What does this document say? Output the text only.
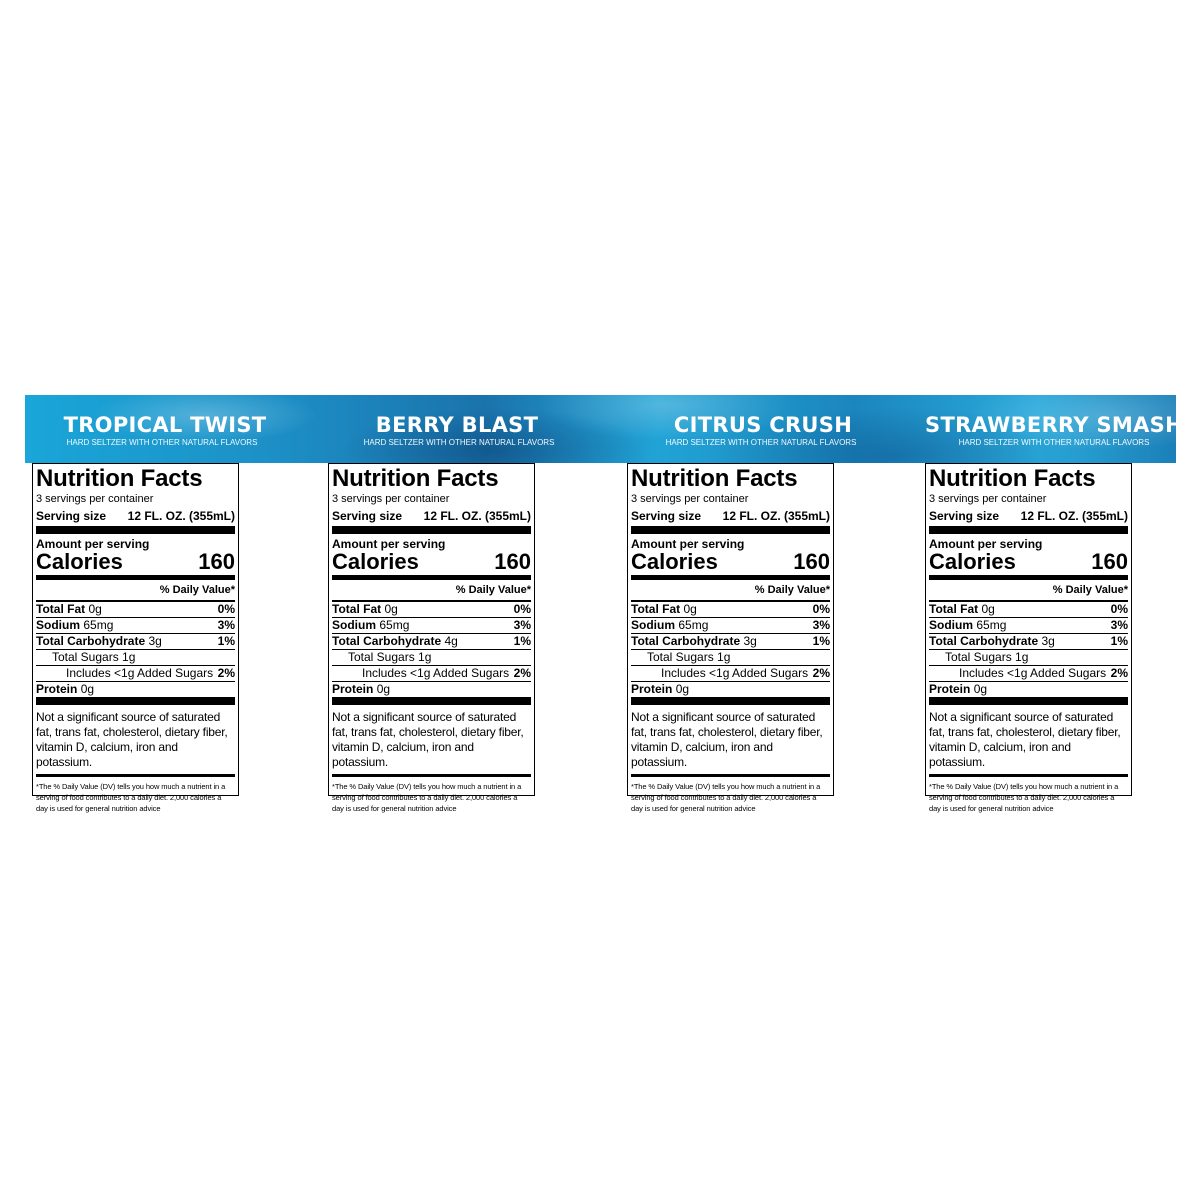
TROPICAL TWIST
HARD SELTZER WITH OTHER NATURAL FLAVORS
BERRY BLAST
HARD SELTZER WITH OTHER NATURAL FLAVORS
CITRUS CRUSH
HARD SELTZER WITH OTHER NATURAL FLAVORS
STRAWBERRY SMASH
HARD SELTZER WITH OTHER NATURAL FLAVORS
Nutrition Facts
3 servings per container
Serving size 12 FL. OZ. (355mL)
Amount per serving
Calories	160
% Daily Value*
Total Fat 0g	0%
Sodium 65mg	3%
Total Carbohydrate 3g	1%
Total Sugars 1g
Includes <1g Added Sugars 2%
Protein 0g
Not a significant source of saturated fat, trans fat, cholesterol, dietary fiber, vitamin D, calcium, iron and potassium.
*The % Daily Value (DV) tells you how much a nutrient in a serving of food contributes to a daily diet. 2,000 calories a day is used for general nutrition advice
Nutrition Facts
3 servings per container
Serving size 12 FL. OZ. (355mL)
Amount per serving
Calories	160
% Daily Value*
Total Fat 0g	0%
Sodium 65mg	3%
Total Carbohydrate 4g	1%
Total Sugars 1g
Includes <1g Added Sugars 2%
Protein 0g
Not a significant source of saturated fat, trans fat, cholesterol, dietary fiber, vitamin D, calcium, iron and potassium.
*The % Daily Value (DV) tells you how much a nutrient in a serving of food contributes to a daily diet. 2,000 calories a day is used for general nutrition advice
Nutrition Facts
3 servings per container
Serving size 12 FL. OZ. (355mL)
Amount per serving
Calories	160
% Daily Value*
Total Fat 0g	0%
Sodium 65mg	3%
Total Carbohydrate 3g	1%
Total Sugars 1g
Includes <1g Added Sugars 2%
Protein 0g
Not a significant source of saturated fat, trans fat, cholesterol, dietary fiber, vitamin D, calcium, iron and potassium.
*The % Daily Value (DV) tells you how much a nutrient in a serving of food contributes to a daily diet. 2,000 calories a day is used for general nutrition advice
Nutrition Facts
3 servings per container
Serving size 12 FL. OZ. (355mL)
Amount per serving
Calories	160
% Daily Value*
Total Fat 0g	0%
Sodium 65mg	3%
Total Carbohydrate 3g	1%
Total Sugars 1g
Includes <1g Added Sugars 2%
Protein 0g
Not a significant source of saturated fat, trans fat, cholesterol, dietary fiber, vitamin D, calcium, iron and potassium.
*The % Daily Value (DV) tells you how much a nutrient in a serving of food contributes to a daily diet. 2,000 calories a day is used for general nutrition advice
